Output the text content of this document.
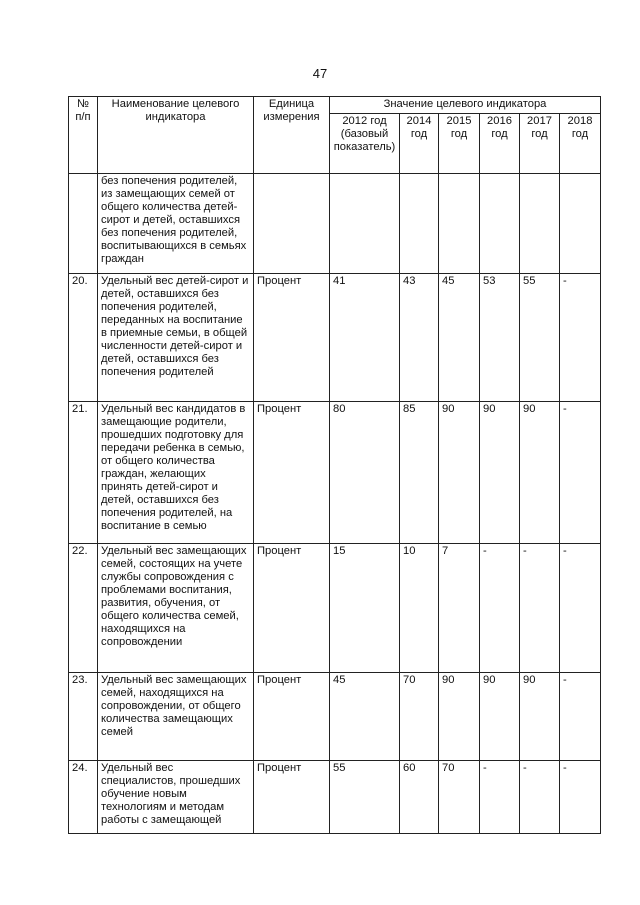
47
№ п/п	Наименование целевого индикатора	Единица измерения	Значение целевого индикатора					
			2012 год (базовый показатель)	2014 год	2015 год	2016 год	2017 год	2018 год
	без попечения родителей, из замещающих семей от общего количества детей-сирот и детей, оставшихся без попечения родителей, воспитывающихся в семьях граждан							
20.	Удельный вес детей-сирот и детей, оставшихся без попечения родителей, переданных на воспитание в приемные семьи, в общей численности детей-сирот и детей, оставшихся без попечения родителей	Процент	41	43	45	53	55	-
21.	Удельный вес кандидатов в замещающие родители, прошедших подготовку для передачи ребенка в семью, от общего количества граждан, желающих принять детей-сирот и детей, оставшихся без попечения родителей, на воспитание в семью	Процент	80	85	90	90	90	-
22.	Удельный вес замещающих семей, состоящих на учете службы сопровождения с проблемами воспитания, развития, обучения, от общего количества семей, находящихся на сопровождении	Процент	15	10	7	-	-	-
23.	Удельный вес замещающих семей, находящихся на сопровождении, от общего количества замещающих семей	Процент	45	70	90	90	90	-
24.	Удельный вес специалистов, прошедших обучение новым технологиям и методам работы с замещающей	Процент	55	60	70	-	-	-
